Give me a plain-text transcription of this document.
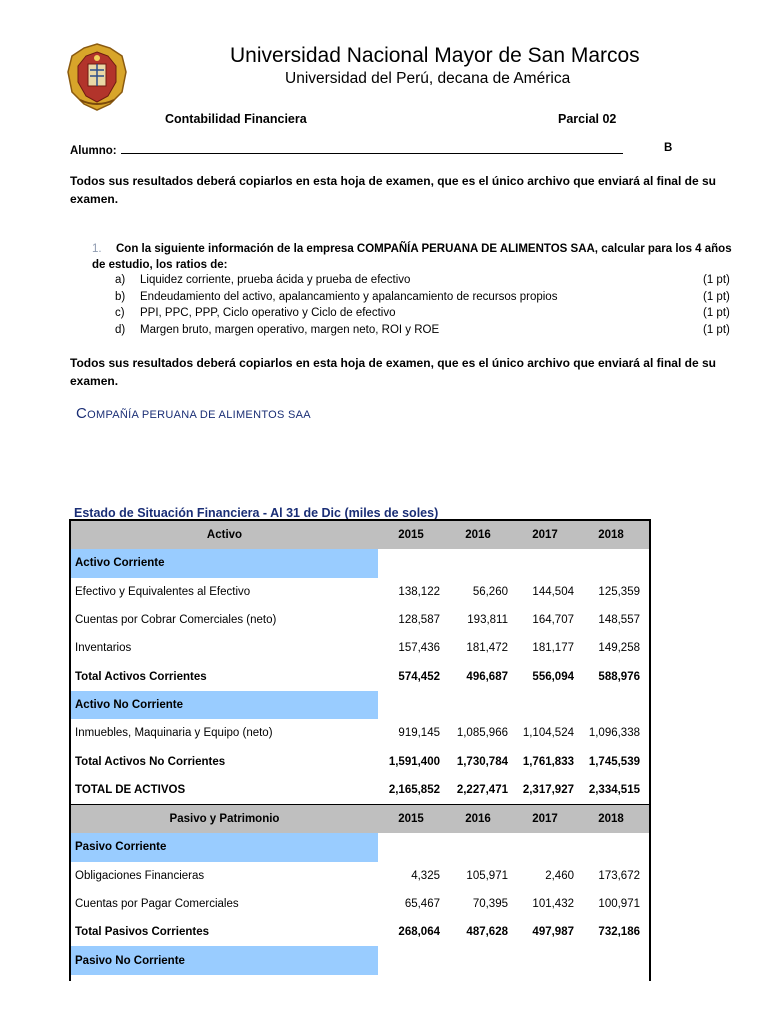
Universidad Nacional Mayor de San Marcos
Universidad del Perú, decana de América
Contabilidad Financiera	Parcial 02
Alumno:	B
Todos sus resultados deberá copiarlos en esta hoja de examen, que es el único archivo que enviará al final de su examen.
1. Con la siguiente información de la empresa COMPAÑÍA PERUANA DE ALIMENTOS SAA, calcular para los 4 años de estudio, los ratios de:
a)	Liquidez corriente, prueba ácida y prueba de efectivo	(1 pt)
b)	Endeudamiento del activo, apalancamiento y apalancamiento de recursos propios	(1 pt)
c)	PPI, PPC, PPP, Ciclo operativo y Ciclo de efectivo	(1 pt)
d)	Margen bruto, margen operativo, margen neto, ROI y ROE	(1 pt)
Todos sus resultados deberá copiarlos en esta hoja de examen, que es el único archivo que enviará al final de su examen.
COMPAÑÍA PERUANA DE ALIMENTOS SAA
Estado de Situación Financiera - Al 31 de Dic (miles de soles)
Activo	2015	2016	2017	2018
Activo Corriente
Efectivo y Equivalentes al Efectivo	138,122	56,260	144,504	125,359
Cuentas por Cobrar Comerciales (neto)	128,587	193,811	164,707	148,557
Inventarios	157,436	181,472	181,177	149,258
Total Activos Corrientes	574,452	496,687	556,094	588,976
Activo No Corriente
Inmuebles, Maquinaria y Equipo (neto)	919,145	1,085,966	1,104,524	1,096,338
Total Activos No Corrientes	1,591,400	1,730,784	1,761,833	1,745,539
TOTAL DE ACTIVOS	2,165,852	2,227,471	2,317,927	2,334,515
Pasivo y Patrimonio	2015	2016	2017	2018
Pasivo Corriente
Obligaciones Financieras	4,325	105,971	2,460	173,672
Cuentas por Pagar Comerciales	65,467	70,395	101,432	100,971
Total Pasivos Corrientes	268,064	487,628	497,987	732,186
Pasivo No Corriente
